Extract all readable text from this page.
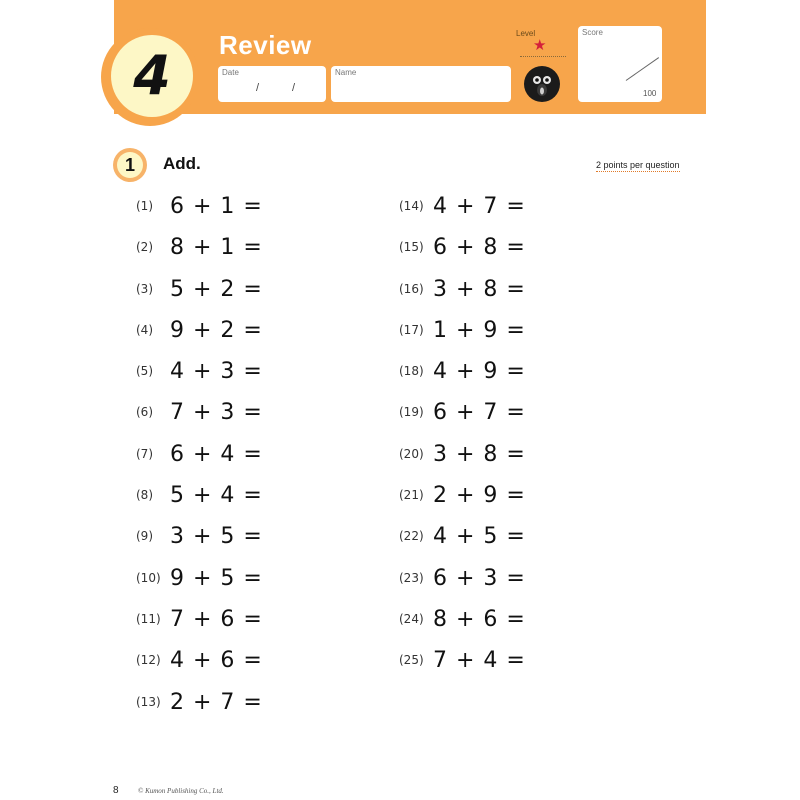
4 Review
Date
/	/
Name
Level
★
Score
100
1 Add.	2 points per question
(1) 6 + 1 =
(2) 8 + 1 =
(3) 5 + 2 =
(4) 9 + 2 =
(5) 4 + 3 =
(6) 7 + 3 =
(7) 6 + 4 =
(8) 5 + 4 =
(9) 3 + 5 =
(10) 9 + 5 =
(11) 7 + 6 =
(12) 4 + 6 =
(13) 2 + 7 =
(14) 4 + 7 =
(15) 6 + 8 =
(16) 3 + 8 =
(17) 1 + 9 =
(18) 4 + 9 =
(19) 6 + 7 =
(20) 3 + 8 =
(21) 2 + 9 =
(22) 4 + 5 =
(23) 6 + 3 =
(24) 8 + 6 =
(25) 7 + 4 =
8	© Kumon Publishing Co., Ltd.
